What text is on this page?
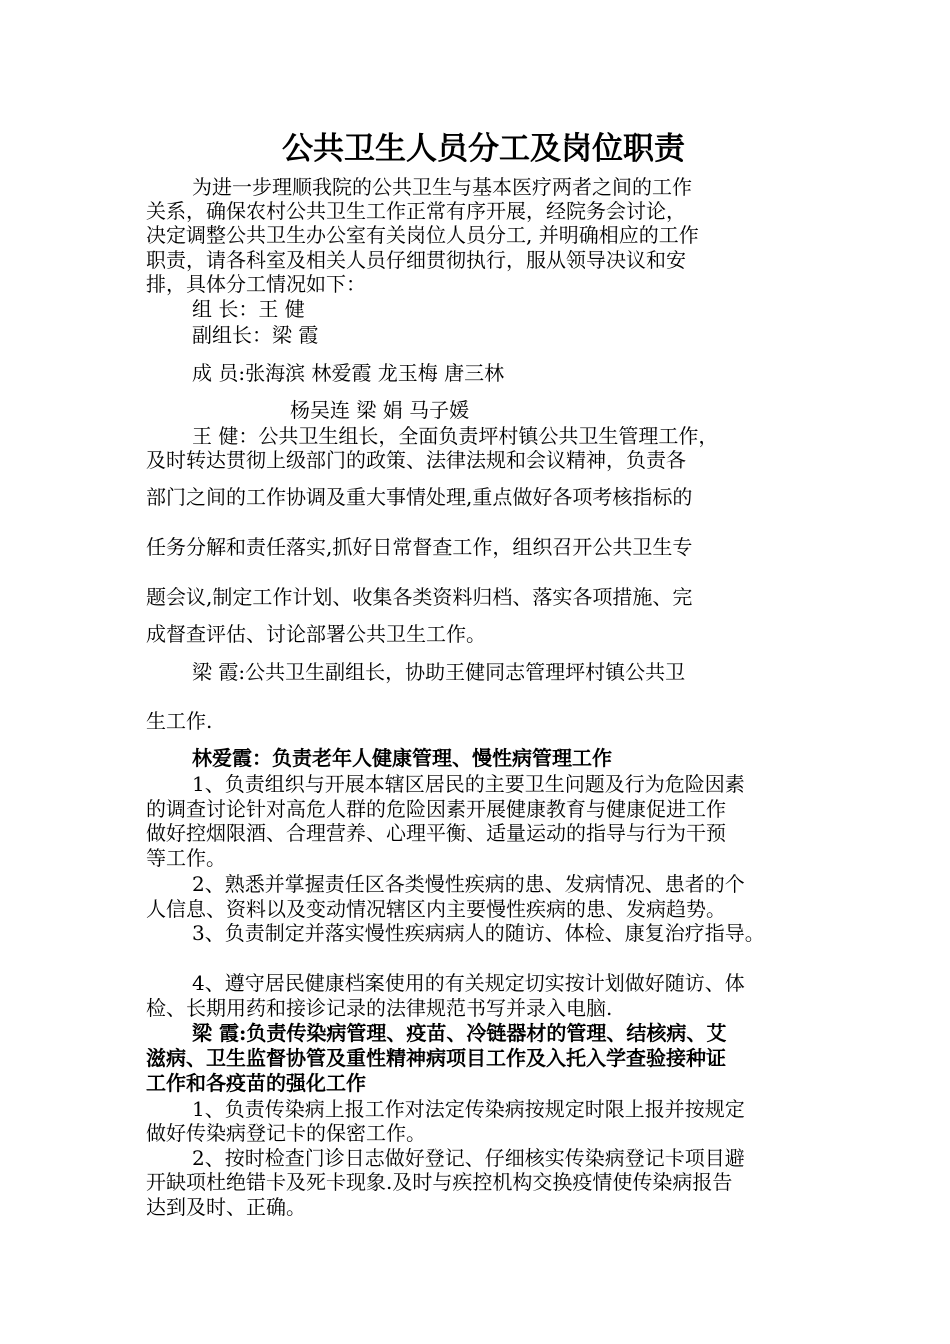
公共卫生人员分工及岗位职责
为进一步理顺我院的公共卫生与基本医疗两者之间的工作
关系，确保农村公共卫生工作正常有序开展，经院务会讨论，
决定调整公共卫生办公室有关岗位人员分工, 并明确相应的工作
职责，请各科室及相关人员仔细贯彻执行，服从领导决议和安
排，具体分工情况如下：
组 长：王 健
副组长：梁 霞
成 员:张海滨 林爱霞 龙玉梅 唐三林
杨吴连 梁 娟 马子媛
王 健：公共卫生组长，全面负责坪村镇公共卫生管理工作，
及时转达贯彻上级部门的政策、法律法规和会议精神，负责各
部门之间的工作协调及重大事情处理,重点做好各项考核指标的
任务分解和责任落实,抓好日常督查工作，组织召开公共卫生专
题会议,制定工作计划、收集各类资料归档、落实各项措施、完
成督查评估、讨论部署公共卫生工作。
梁 霞:公共卫生副组长，协助王健同志管理坪村镇公共卫
生工作.
林爱霞：负责老年人健康管理、慢性病管理工作
1、负责组织与开展本辖区居民的主要卫生问题及行为危险因素
的调查讨论针对高危人群的危险因素开展健康教育与健康促进工作
做好控烟限酒、合理营养、心理平衡、适量运动的指导与行为干预
等工作。
2、熟悉并掌握责任区各类慢性疾病的患、发病情况、患者的个
人信息、资料以及变动情况辖区内主要慢性疾病的患、发病趋势。
3、负责制定并落实慢性疾病病人的随访、体检、康复治疗指导。
4、遵守居民健康档案使用的有关规定切实按计划做好随访、体
检、长期用药和接诊记录的法律规范书写并录入电脑.
梁 霞:负责传染病管理、疫苗、冷链器材的管理、结核病、艾
滋病、卫生监督协管及重性精神病项目工作及入托入学查验接种证
工作和各疫苗的强化工作
1、负责传染病上报工作对法定传染病按规定时限上报并按规定
做好传染病登记卡的保密工作。
2、按时检查门诊日志做好登记、仔细核实传染病登记卡项目避
开缺项杜绝错卡及死卡现象.及时与疾控机构交换疫情使传染病报告
达到及时、正确。
